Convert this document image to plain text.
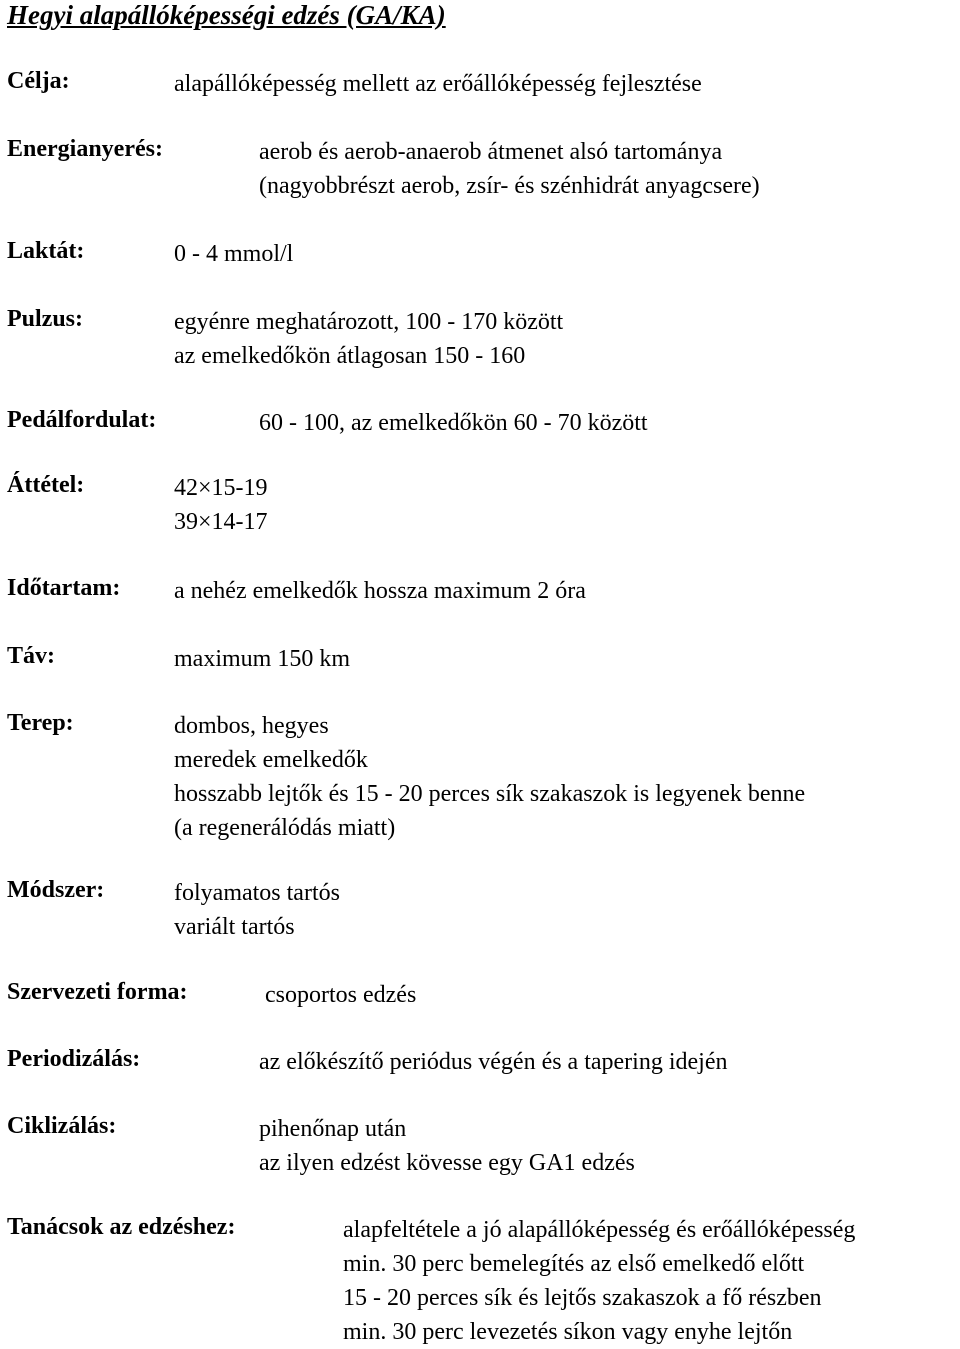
Hegyi alapállóképességi edzés (GA/KA)
Célja:	alapállóképesség mellett az erőállóképesség fejlesztése
Energianyerés:	aerob és aerob-anaerob átmenet alsó tartománya
(nagyobbrészt aerob, zsír- és szénhidrát anyagcsere)
Laktát:	0 - 4 mmol/l
Pulzus:	egyénre meghatározott, 100 - 170 között
az emelkedőkön átlagosan 150 - 160
Pedálfordulat:	60 - 100, az emelkedőkön 60 - 70 között
Áttétel:	42×15-19
39×14-17
Időtartam: a nehéz emelkedők hossza maximum 2 óra
Táv:	maximum 150 km
Terep:	dombos, hegyes
meredek emelkedők
hosszabb lejtők és 15 - 20 perces sík szakaszok is legyenek benne
(a regenerálódás miatt)
Módszer:	folyamatos tartós
variált tartós
Szervezeti forma:	csoportos edzés
Periodizálás:	az előkészítő periódus végén és a tapering idején
Ciklizálás:	pihenőnap után
az ilyen edzést kövesse egy GA1 edzés
Tanácsok az edzéshez:	alapfeltétele a jó alapállóképesség és erőállóképesség
min. 30 perc bemelegítés az első emelkedő előtt
15 - 20 perces sík és lejtős szakaszok a fő részben
min. 30 perc levezetés síkon vagy enyhe lejtőn
